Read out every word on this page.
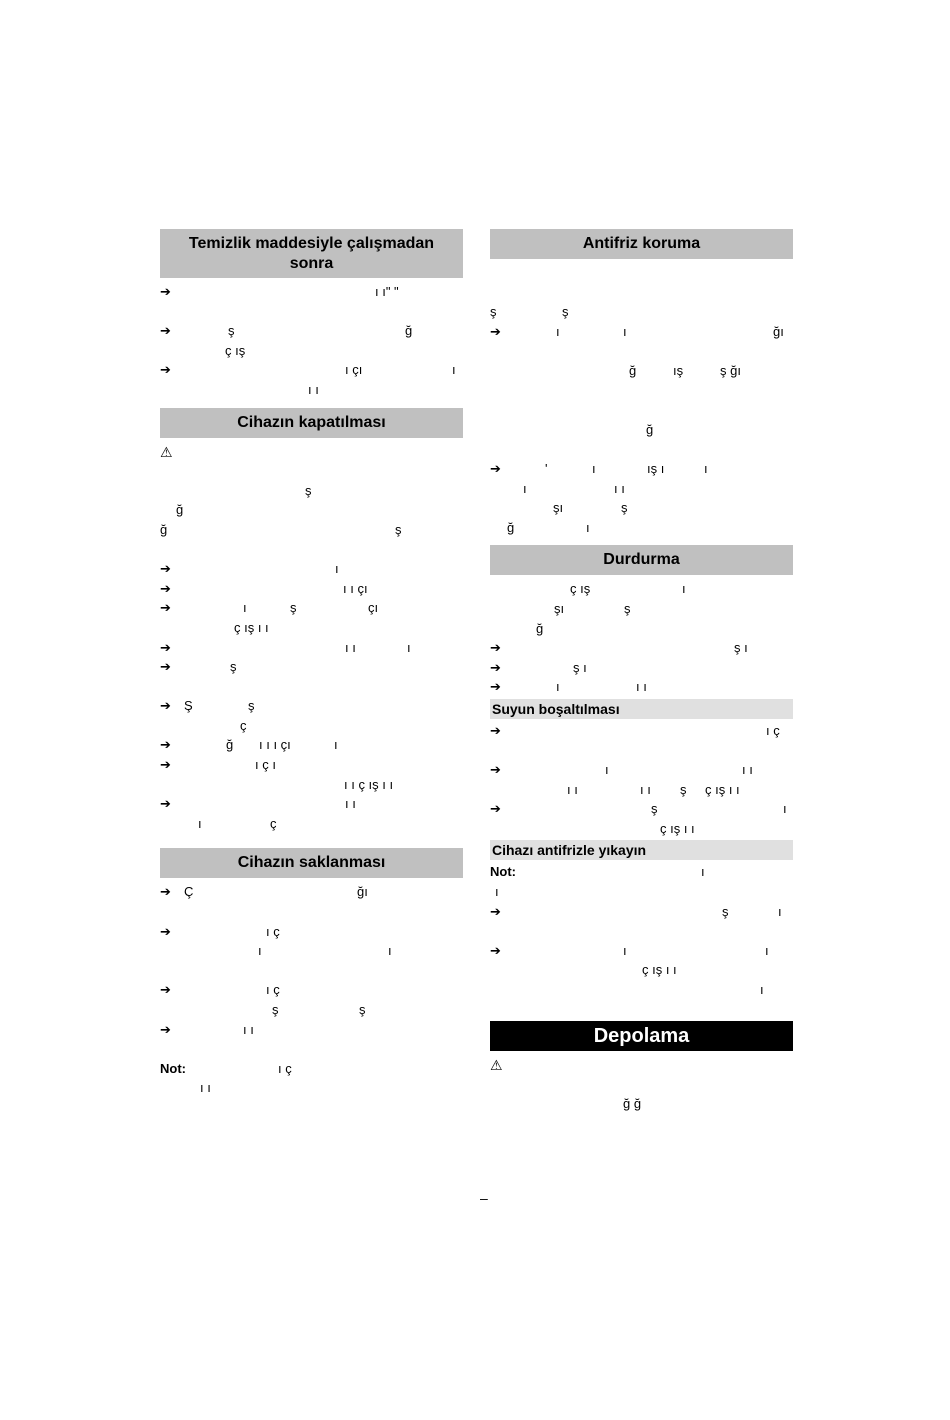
Temizlik maddesiyle çalışmadan sonra
➔	ı ı" "
➔	ş	ğ
ç ış
➔	ı çı	ı
ı ı
Cihazın kapatılması
⚠
ş
ğ
ğ	ş
➔	ı
➔	ı ı çı
➔	ı	ş	çı
ç ış ı ı
➔	ı ı	ı
➔	ş
➔ Ş	ş
ç
➔	ğ ı ı ı çı	ı
➔	ı ç ı
ı ı ç ış ı ı
➔	ı ı
ı	ç
Cihazın saklanması
➔ Ç	ğı
➔	ı ç
ı	ı
➔	ı ç
ş	ş
➔	ı ı
Not:	ı ç
ı ı
Antifriz koruma
ş	ş
➔	ı	ı	ğı
ğ	ış	ş ğı
ğ
➔	'	ı	ış ı	ı
ı	ı ı
şı	ş
ğ	ı
Durdurma
ç ış	ı
şı	ş
ğ
➔	ş ı
➔	ş ı
➔	ı	ı ı
Suyun boşaltılması
➔	ı ç
➔	ı	ı ı
ı ı	ı ı ş ç ış ı ı
➔	ş	ı
ç ış ı ı
Cihazı antifrizle yıkayın
Not:	ı
ı
➔	ş	ı
➔	ı	ı
ç ış ı ı
ı
Depolama
⚠
ğ ğ
–
